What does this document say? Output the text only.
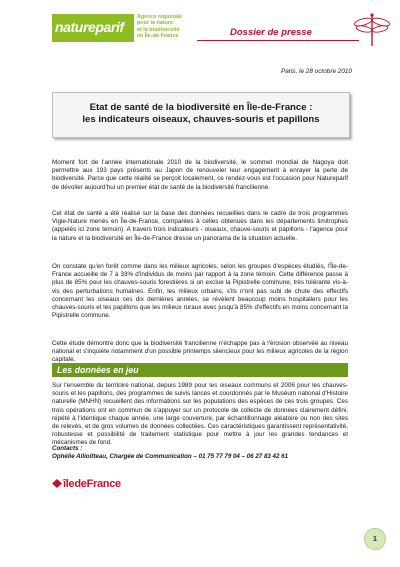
natureparif
Agence régionale
pour la nature
et la biodiversité
en Île-de-France	Dossier de presse
Paris, le 28 octobre 2010
Etat de santé de la biodiversité en Île-de-France :
les indicateurs oiseaux, chauves-souris et papillons
Moment fort de l'année internationale 2010 de la biodiversité, le sommet mondial de Nagoya doit permettre aux 193 pays présents au Japon de renouveler leur engagement à enrayer la perte de biodiversité. Parce que cette réalité se perçoit localement, ce rendez-vous est l'occasion pour Natureparif de dévoiler aujourd'hui un premier état de santé de la biodiversité francilienne.
Cet état de santé a été réalisé sur la base des données recueillies dans le cadre de trois programmes Vigie-Nature menés en Île-de-France, comparées à celles obtenues dans les départements limitrophes (appelés ici zone témoin). A travers trois indicateurs - oiseaux, chauve-souris et papillons - l'agence pour la nature et la biodiversité en Île-de-France dresse un panorama de la situation actuelle.
On constate qu'en forêt comme dans les milieux agricoles, selon les groupes d'espèces étudiés, l'Île-de-France accueille de 7 à 33% d'individus de moins par rapport à la zone témoin. Cette différence passe à plus de 85% pour les chauves-souris forestières si on exclue la Pipistrelle commune, très tolérante vis-à-vis des perturbations humaines. Enfin, les milieux urbains, s'ils n'ont pas subi de chute des effectifs concernant les oiseaux ces dix dernières années, se révèlent beaucoup moins hospitaliers pour les chauves-souris et les papillons que les milieux ruraux avec jusqu'à 85% d'effectifs en moins concernant la Pipistrelle commune.
Cette étude démontre donc que la biodiversité francilienne n'échappe pas à l'érosion observée au niveau national et s'inquiète notamment d'un possible printemps silencieux pour les milieux agricoles de la région capitale.
Les données en jeu
Sur l'ensemble du territoire national, depuis 1989 pour les oiseaux communs et 2006 pour les chauves-souris et les papillons, des programmes de suivis lancés et coordonnés par le Muséum national d'Histoire naturelle (MNHN) recueillent des informations sur les populations des espèces de ces trois groupes. Ces trois opérations ont en commun de s'appuyer sur un protocole de collecte de données clairement défini, répété à l'identique chaque année, une large couverture, par échantillonnage aléatoire ou non des sites de relevés, et de gros volumes de données collectées. Ces caractéristiques garantissent représentativité, robustesse et possibilité de traitement statistique pour mettre à jour les grandes tendances et mécanismes de fond.
Contacts :
Ophélie Allioitteau, Chargée de Communication – 01 75 77 79 04 – 06 27 83 42 61
îledeFrance
1
